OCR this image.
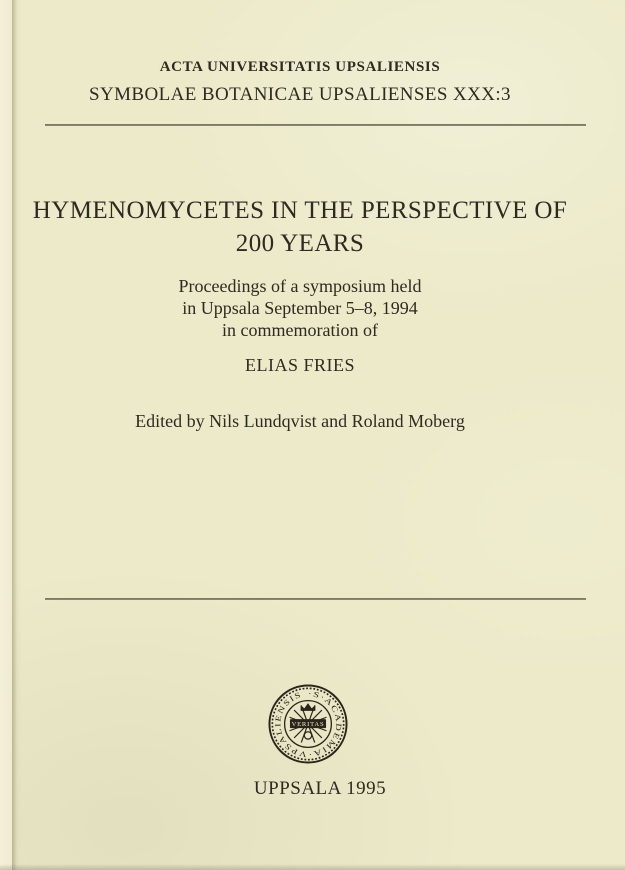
ACTA UNIVERSITATIS UPSALIENSIS
SYMBOLAE BOTANICAE UPSALIENSES XXX:3
HYMENOMYCETES IN THE PERSPECTIVE OF
200 YEARS
Proceedings of a symposium held
in Uppsala September 5–8, 1994
in commemoration of
ELIAS FRIES
Edited by Nils Lundqvist and Roland Moberg
·S·ACADEMIA·VPSALIENSIS
VERITAS
UPPSALA 1995
